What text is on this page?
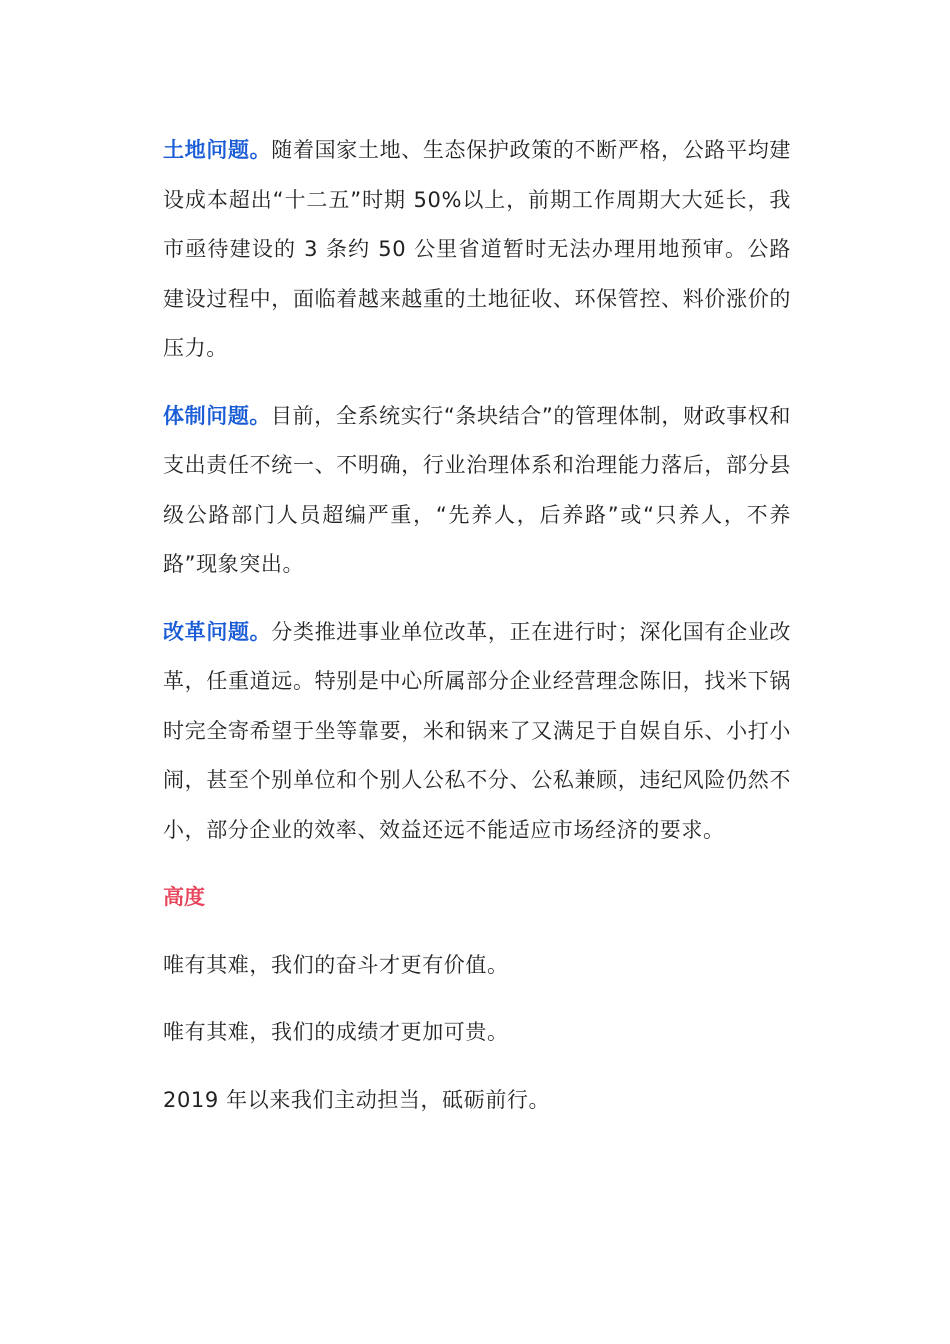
土地问题。随着国家土地、生态保护政策的不断严格，公路平均建设成本超出“十二五”时期 50%以上，前期工作周期大大延长，我市亟待建设的 3 条约 50 公里省道暂时无法办理用地预审。公路建设过程中，面临着越来越重的土地征收、环保管控、料价涨价的压力。

体制问题。目前，全系统实行“条块结合”的管理体制，财政事权和支出责任不统一、不明确，行业治理体系和治理能力落后，部分县级公路部门人员超编严重，“先养人，后养路”或“只养人，不养路”现象突出。

改革问题。分类推进事业单位改革，正在进行时；深化国有企业改革，任重道远。特别是中心所属部分企业经营理念陈旧，找米下锅时完全寄希望于坐等靠要，米和锅来了又满足于自娱自乐、小打小闹，甚至个别单位和个别人公私不分、公私兼顾，违纪风险仍然不小，部分企业的效率、效益还远不能适应市场经济的要求。

高度

唯有其难，我们的奋斗才更有价值。

唯有其难，我们的成绩才更加可贵。

2019 年以来我们主动担当，砥砺前行。
